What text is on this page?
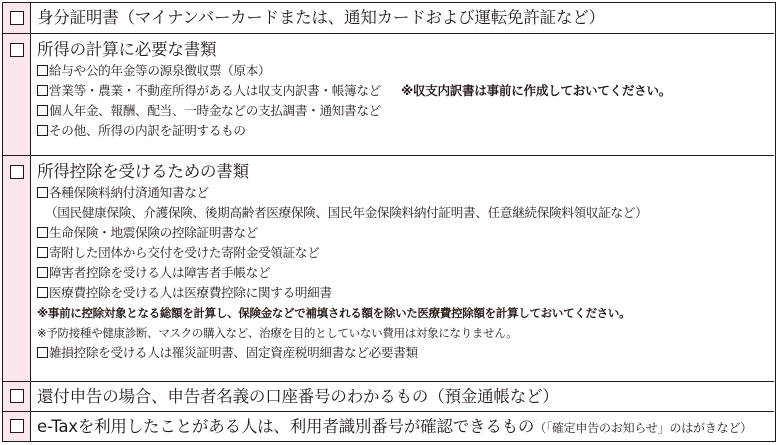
身分証明書（マイナンバーカードまたは、通知カードおよび運転免許証など）
所得の計算に必要な書類
給与や公的年金等の源泉徴収票（原本）
営業等・農業・不動産所得がある人は収支内訳書・帳簿など ※収支内訳書は事前に作成しておいてください。
個人年金、報酬、配当、一時金などの支払調書・通知書など
その他、所得の内訳を証明するもの
所得控除を受けるための書類
各種保険料納付済通知書など
（国民健康保険、介護保険、後期高齢者医療保険、国民年金保険料納付証明書、任意継続保険料領収証など）
生命保険・地震保険の控除証明書など
寄附した団体から交付を受けた寄附金受領証など
障害者控除を受ける人は障害者手帳など
医療費控除を受ける人は医療費控除に関する明細書
※事前に控除対象となる総額を計算し、保険金などで補填される額を除いた医療費控除額を計算しておいてください。
※予防接種や健康診断、マスクの購入など、治療を目的としていない費用は対象になりません。
雑損控除を受ける人は罹災証明書、固定資産税明細書など必要書類
還付申告の場合、申告者名義の口座番号のわかるもの（預金通帳など）
e-Taxを利用したことがある人は、利用者識別番号が確認できるもの（「確定申告のお知らせ」のはがきなど）
